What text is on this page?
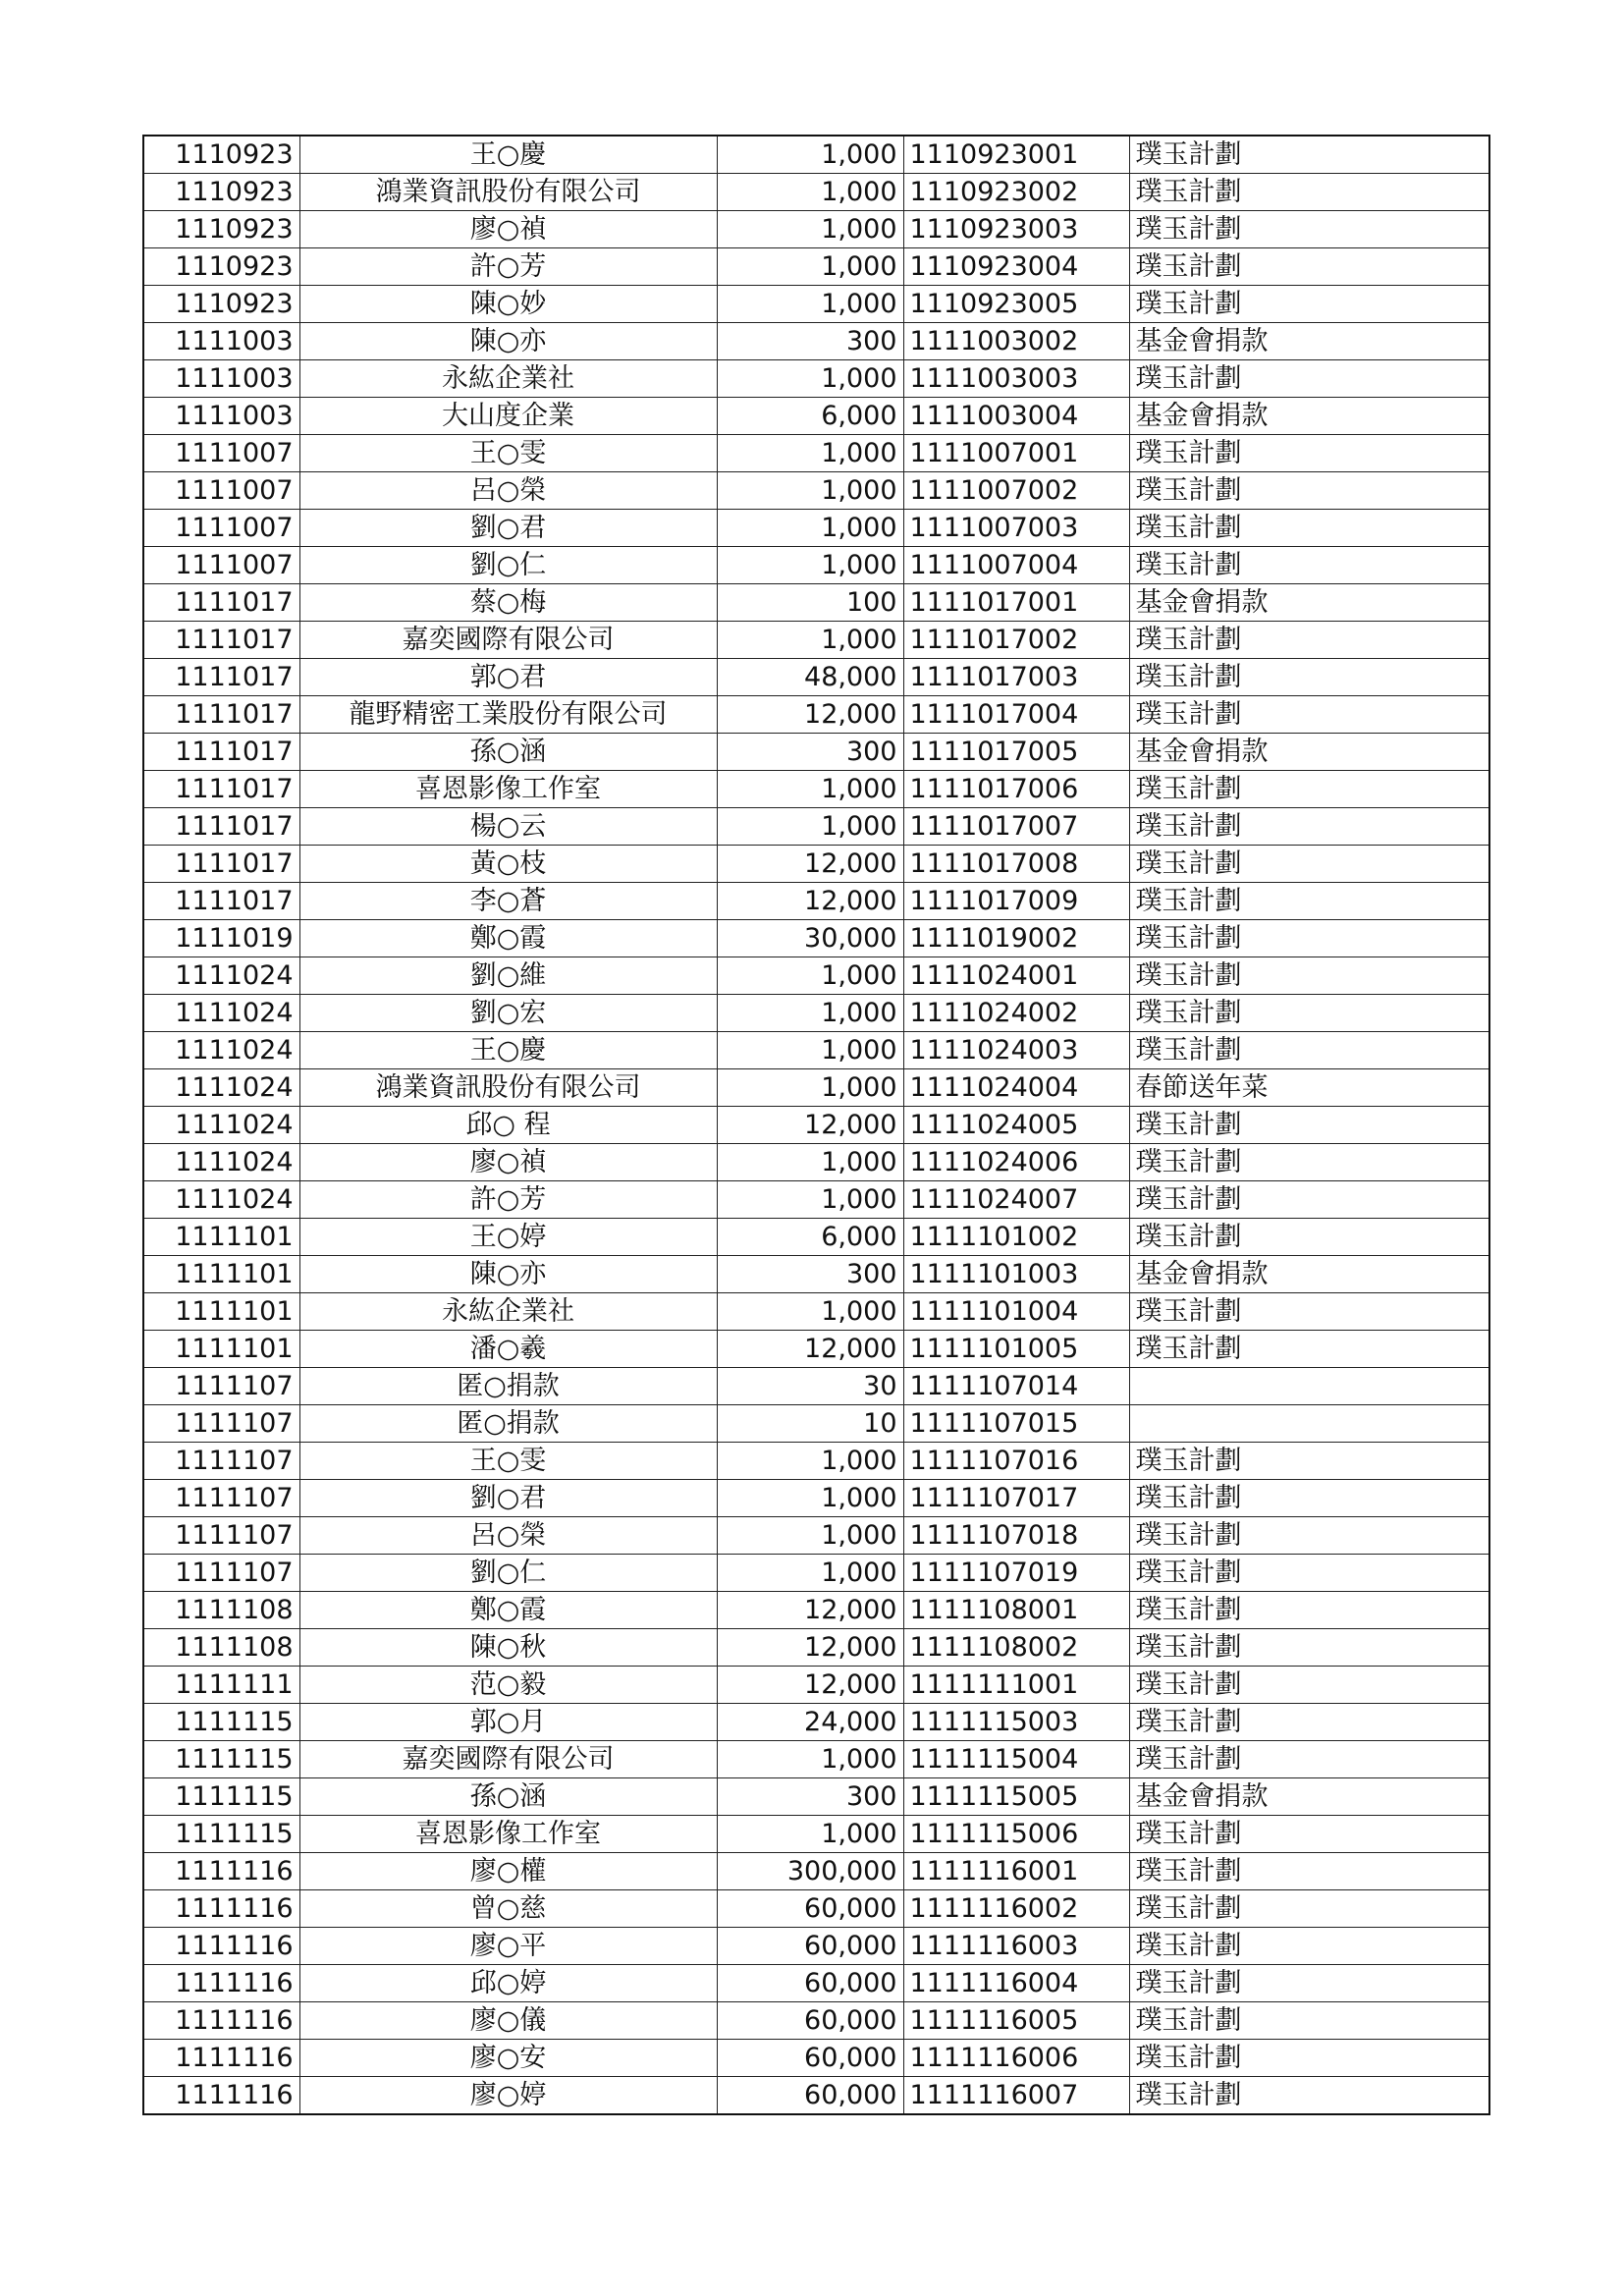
1110923	王○慶	1,000	1110923001	璞玉計劃
1110923	鴻業資訊股份有限公司	1,000	1110923002	璞玉計劃
1110923	廖○禎	1,000	1110923003	璞玉計劃
1110923	許○芳	1,000	1110923004	璞玉計劃
1110923	陳○妙	1,000	1110923005	璞玉計劃
1111003	陳○亦	300	1111003002	基金會捐款
1111003	永紘企業社	1,000	1111003003	璞玉計劃
1111003	大山度企業	6,000	1111003004	基金會捐款
1111007	王○雯	1,000	1111007001	璞玉計劃
1111007	呂○榮	1,000	1111007002	璞玉計劃
1111007	劉○君	1,000	1111007003	璞玉計劃
1111007	劉○仁	1,000	1111007004	璞玉計劃
1111017	蔡○梅	100	1111017001	基金會捐款
1111017	嘉奕國際有限公司	1,000	1111017002	璞玉計劃
1111017	郭○君	48,000	1111017003	璞玉計劃
1111017	龍野精密工業股份有限公司	12,000	1111017004	璞玉計劃
1111017	孫○涵	300	1111017005	基金會捐款
1111017	喜恩影像工作室	1,000	1111017006	璞玉計劃
1111017	楊○云	1,000	1111017007	璞玉計劃
1111017	黃○枝	12,000	1111017008	璞玉計劃
1111017	李○蒼	12,000	1111017009	璞玉計劃
1111019	鄭○霞	30,000	1111019002	璞玉計劃
1111024	劉○維	1,000	1111024001	璞玉計劃
1111024	劉○宏	1,000	1111024002	璞玉計劃
1111024	王○慶	1,000	1111024003	璞玉計劃
1111024	鴻業資訊股份有限公司	1,000	1111024004	春節送年菜
1111024	邱○ 程	12,000	1111024005	璞玉計劃
1111024	廖○禎	1,000	1111024006	璞玉計劃
1111024	許○芳	1,000	1111024007	璞玉計劃
1111101	王○婷	6,000	1111101002	璞玉計劃
1111101	陳○亦	300	1111101003	基金會捐款
1111101	永紘企業社	1,000	1111101004	璞玉計劃
1111101	潘○羲	12,000	1111101005	璞玉計劃
1111107	匿○捐款	30	1111107014	
1111107	匿○捐款	10	1111107015	
1111107	王○雯	1,000	1111107016	璞玉計劃
1111107	劉○君	1,000	1111107017	璞玉計劃
1111107	呂○榮	1,000	1111107018	璞玉計劃
1111107	劉○仁	1,000	1111107019	璞玉計劃
1111108	鄭○霞	12,000	1111108001	璞玉計劃
1111108	陳○秋	12,000	1111108002	璞玉計劃
1111111	范○毅	12,000	1111111001	璞玉計劃
1111115	郭○月	24,000	1111115003	璞玉計劃
1111115	嘉奕國際有限公司	1,000	1111115004	璞玉計劃
1111115	孫○涵	300	1111115005	基金會捐款
1111115	喜恩影像工作室	1,000	1111115006	璞玉計劃
1111116	廖○權	300,000	1111116001	璞玉計劃
1111116	曾○慈	60,000	1111116002	璞玉計劃
1111116	廖○平	60,000	1111116003	璞玉計劃
1111116	邱○婷	60,000	1111116004	璞玉計劃
1111116	廖○儀	60,000	1111116005	璞玉計劃
1111116	廖○安	60,000	1111116006	璞玉計劃
1111116	廖○婷	60,000	1111116007	璞玉計劃
